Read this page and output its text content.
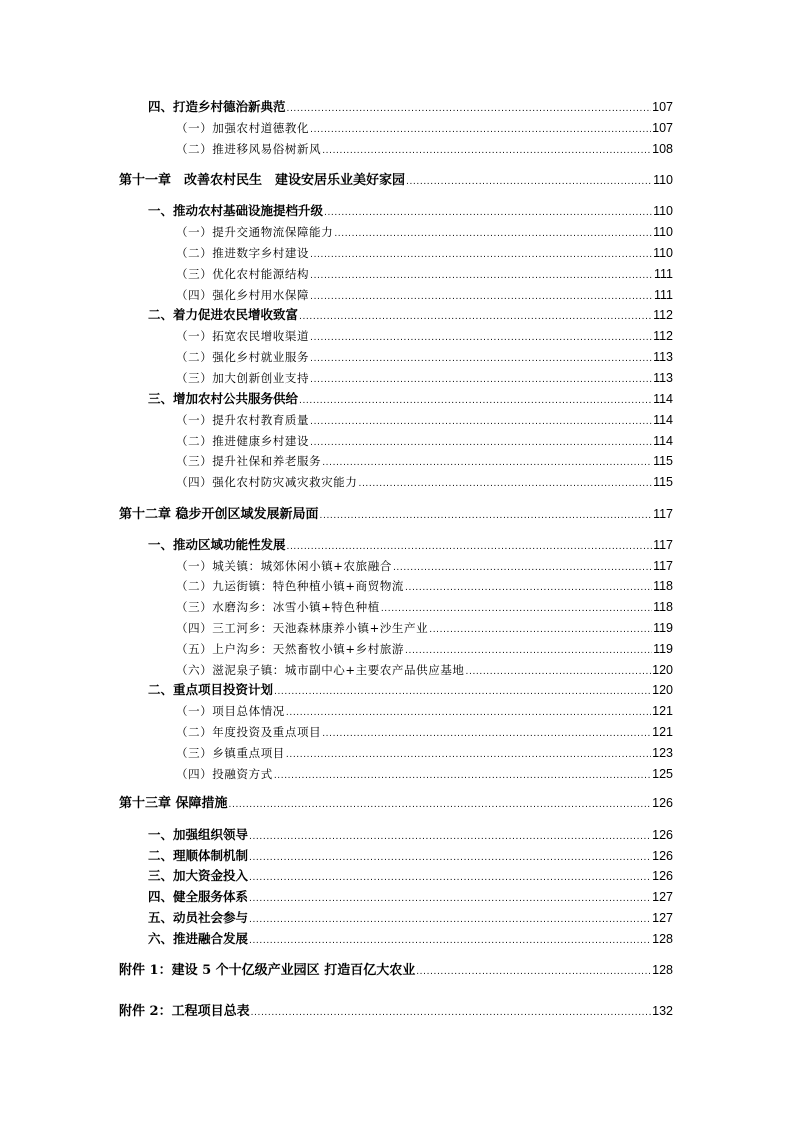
四、打造乡村德治新典范 .....	107
（一）加强农村道德教化 .....	107
（二）推进移风易俗树新风 .....	108
第十一章　改善农村民生　建设安居乐业美好家园 .....	110
一、推动农村基础设施提档升级 .....	110
（一）提升交通物流保障能力 .....	110
（二）推进数字乡村建设 .....	110
（三）优化农村能源结构 .....	111
（四）强化乡村用水保障 .....	111
二、着力促进农民增收致富 .....	112
（一）拓宽农民增收渠道 .....	112
（二）强化乡村就业服务 .....	113
（三）加大创新创业支持 .....	113
三、增加农村公共服务供给 .....	114
（一）提升农村教育质量 .....	114
（二）推进健康乡村建设 .....	114
（三）提升社保和养老服务 .....	115
（四）强化农村防灾减灾救灾能力 .....	115
第十二章 稳步开创区域发展新局面 .....	117
一、推动区域功能性发展 .....	117
（一）城关镇：城郊休闲小镇+农旅融合 .....	117
（二）九运街镇：特色种植小镇+商贸物流 .....	118
（三）水磨沟乡：冰雪小镇+特色种植 .....	118
（四）三工河乡：天池森林康养小镇+沙生产业 .....	119
（五）上户沟乡：天然畜牧小镇+乡村旅游 .....	119
（六）滋泥泉子镇：城市副中心+主要农产品供应基地 .....	120
二、重点项目投资计划 .....	120
（一）项目总体情况 .....	121
（二）年度投资及重点项目 .....	121
（三）乡镇重点项目 .....	123
（四）投融资方式 .....	125
第十三章 保障措施 .....	126
一、加强组织领导 .....	126
二、理顺体制机制 .....	126
三、加大资金投入 .....	126
四、健全服务体系 .....	127
五、动员社会参与 .....	127
六、推进融合发展 .....	128
附件 1：建设 5 个十亿级产业园区 打造百亿大农业 .....	128
附件 2：工程项目总表 .....	132
